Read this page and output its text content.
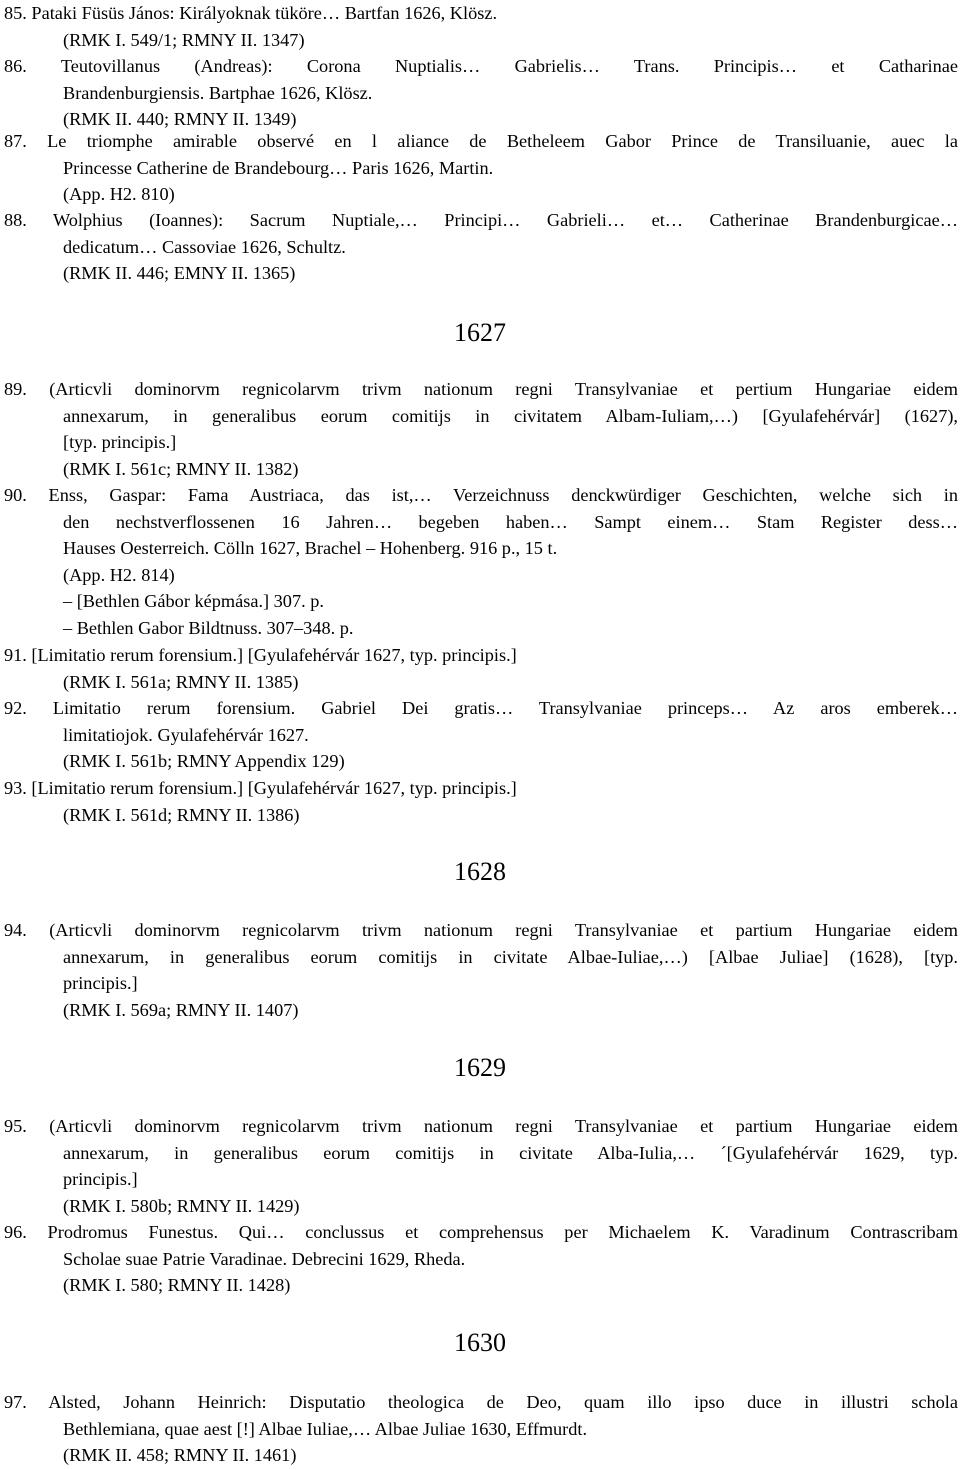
85. Pataki Füsüs János: Királyoknak tüköre… Bartfan 1626, Klösz.
(RMK I. 549/1; RMNY II. 1347)
86. Teutovillanus (Andreas): Corona Nuptialis… Gabrielis… Trans. Principis… et Catharinae
Brandenburgiensis. Bartphae 1626, Klösz.
(RMK II. 440; RMNY II. 1349)
87. Le triomphe amirable observé en l aliance de Betheleem Gabor Prince de Transiluanie, auec la
Princesse Catherine de Brandebourg… Paris 1626, Martin.
(App. H2. 810)
88. Wolphius (Ioannes): Sacrum Nuptiale,… Principi… Gabrieli… et… Catherinae Brandenburgicae…
dedicatum… Cassoviae 1626, Schultz.
(RMK II. 446; EMNY II. 1365)
89. (Articvli dominorvm regnicolarvm trivm nationum regni Transylvaniae et pertium Hungariae eidem
annexarum, in generalibus eorum comitijs in civitatem Albam-Iuliam,…) [Gyulafehérvár] (1627),
[typ. principis.]
(RMK I. 561c; RMNY II. 1382)
90. Enss, Gaspar: Fama Austriaca, das ist,… Verzeichnuss denckwürdiger Geschichten, welche sich in
den nechstverflossenen 16 Jahren… begeben haben… Sampt einem… Stam Register dess…
Hauses Oesterreich. Cölln 1627, Brachel – Hohenberg. 916 p., 15 t.
(App. H2. 814)
– [Bethlen Gábor képmása.] 307. p.
– Bethlen Gabor Bildtnuss. 307–348. p.
91. [Limitatio rerum forensium.] [Gyulafehérvár 1627, typ. principis.]
(RMK I. 561a; RMNY II. 1385)
92. Limitatio rerum forensium. Gabriel Dei gratis… Transylvaniae princeps… Az aros emberek…
limitatiojok. Gyulafehérvár 1627.
(RMK I. 561b; RMNY Appendix 129)
93. [Limitatio rerum forensium.] [Gyulafehérvár 1627, typ. principis.]
(RMK I. 561d; RMNY II. 1386)
94. (Articvli dominorvm regnicolarvm trivm nationum regni Transylvaniae et partium Hungariae eidem
annexarum, in generalibus eorum comitijs in civitate Albae-Iuliae,…) [Albae Juliae] (1628), [typ.
principis.]
(RMK I. 569a; RMNY II. 1407)
95. (Articvli dominorvm regnicolarvm trivm nationum regni Transylvaniae et partium Hungariae eidem
annexarum, in generalibus eorum comitijs in civitate Alba-Iulia,… ´[Gyulafehérvár 1629, typ.
principis.]
(RMK I. 580b; RMNY II. 1429)
96. Prodromus Funestus. Qui… conclussus et comprehensus per Michaelem K. Varadinum Contrascribam
Scholae suae Patrie Varadinae. Debrecini 1629, Rheda.
(RMK I. 580; RMNY II. 1428)
97. Alsted, Johann Heinrich: Disputatio theologica de Deo, quam illo ipso duce in illustri schola
Bethlemiana, quae aest [!] Albae Iuliae,… Albae Juliae 1630, Effmurdt.
(RMK II. 458; RMNY II. 1461)
1627
1628
1629
1630
